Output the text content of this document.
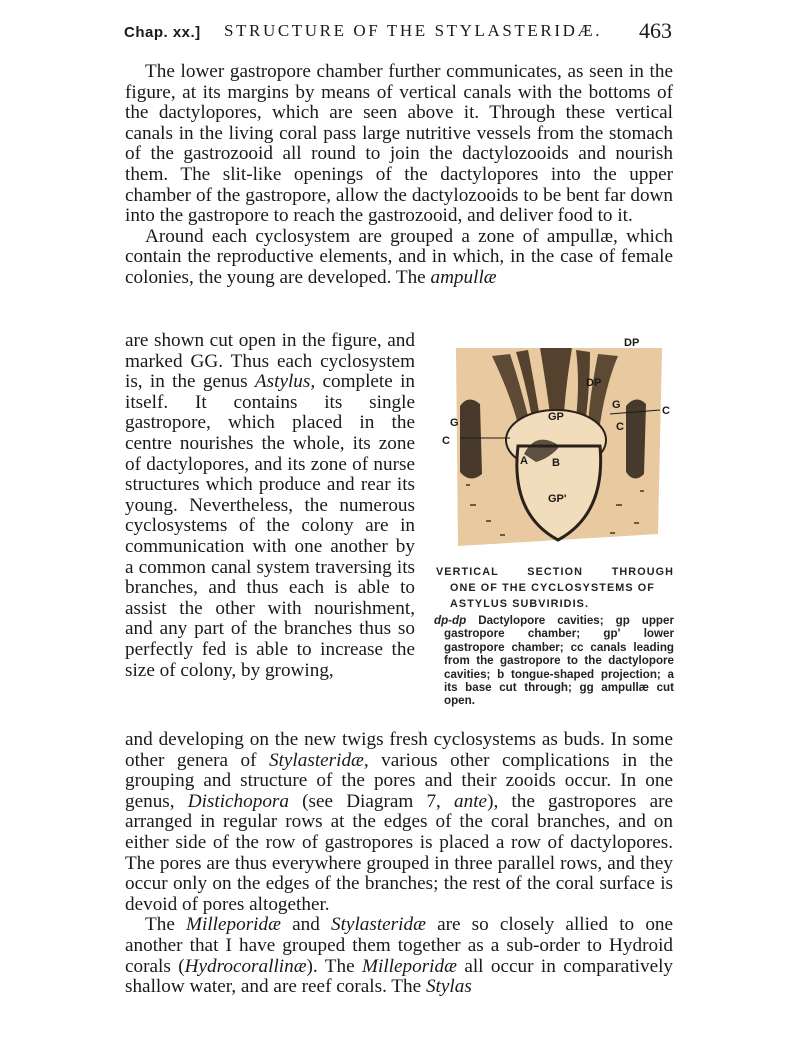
Chap. xx.] STRUCTURE OF THE STYLASTERIDÆ. 463

The lower gastropore chamber further communicates, as seen in the figure, at its margins by means of vertical canals with the bottoms of the dactylopores, which are seen above it. Through these vertical canals in the living coral pass large nutritive vessels from the stomach of the gastrozooid all round to join the dactylozooids and nourish them. The slit-like openings of the dactylopores into the upper chamber of the gastropore, allow the dactylozooids to be bent far down into the gastropore to reach the gastrozooid, and deliver food to it.

Around each cyclosystem are grouped a zone of ampullæ, which contain the reproductive elements, and in which, in the case of female colonies, the young are developed. The ampullæ

are shown cut open in the figure, and marked GG. Thus each cyclosystem is, in the genus Astylus, complete in itself. It contains its single gastropore, which placed in the centre nourishes the whole, its zone of dactylopores, and its zone of nurse structures which produce and rear its young. Nevertheless, the numerous cyclosystems of the colony are in communication with one another by a common canal system traversing its branches, and thus each is able to assist the other with nourishment, and any part of the branches thus so perfectly fed is able to increase the size of colony, by growing,
DP
DP
GP
GP'
A B
G
G
C
C
C
VERTICAL SECTION THROUGH
ONE OF THE CYCLOSYSTEMS OF ASTYLUS SUBVIRIDIS.

dp-dp Dactylopore cavities; gp upper gastropore chamber; gp' lower gastropore chamber; cc canals leading from the gastropore to the dactylopore cavities; b tongue-shaped projection; a its base cut through; gg ampullæ cut open.

and developing on the new twigs fresh cyclosystems as buds. In some other genera of Stylasteridæ, various other complications in the grouping and structure of the pores and their zooids occur. In one genus, Distichopora (see Diagram 7, ante), the gastropores are arranged in regular rows at the edges of the coral branches, and on either side of the row of gastropores is placed a row of dactylopores. The pores are thus everywhere grouped in three parallel rows, and they occur only on the edges of the branches; the rest of the coral surface is devoid of pores altogether.

The Milleporidæ and Stylasteridæ are so closely allied to one another that I have grouped them together as a sub-order to Hydroid corals (Hydrocorallinæ). The Milleporidæ all occur in comparatively shallow water, and are reef corals. The Stylas
